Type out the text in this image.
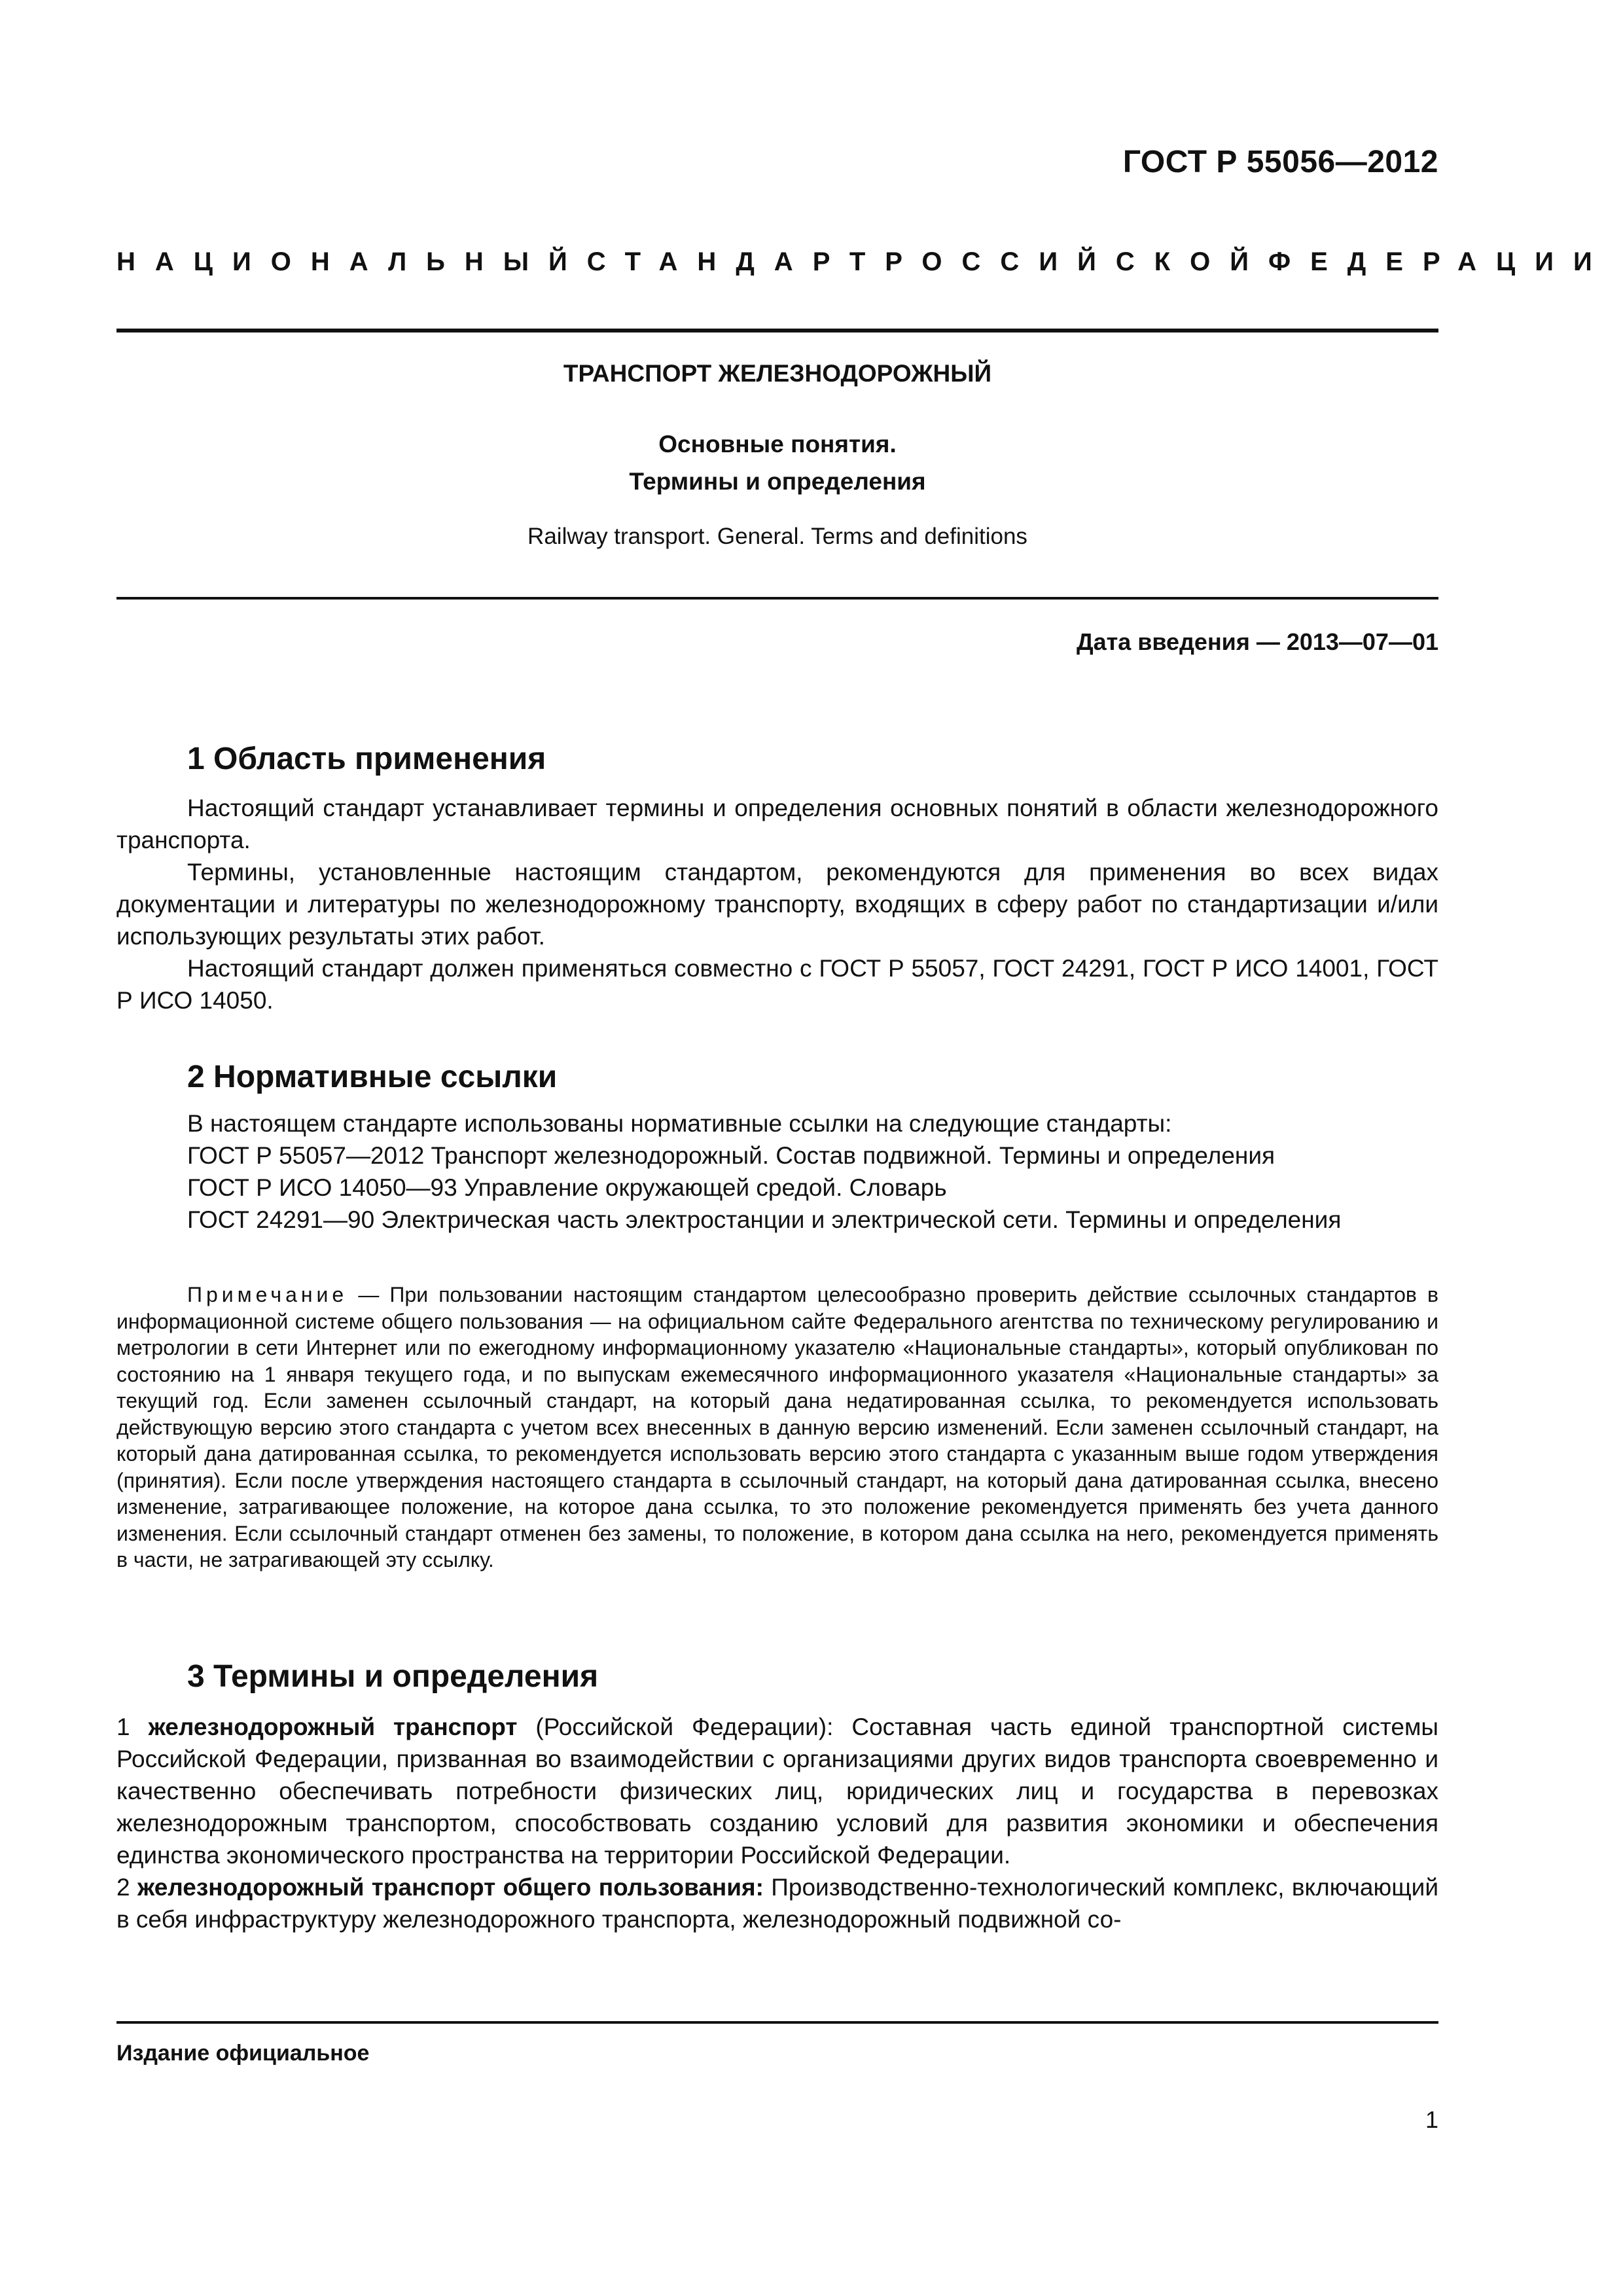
ГОСТ Р 55056—2012
НАЦИОНАЛЬНЫЙ СТАНДАРТ РОССИЙСКОЙ ФЕДЕРАЦИИ
ТРАНСПОРТ ЖЕЛЕЗНОДОРОЖНЫЙ
Основные понятия.
Термины и определения
Railway transport. General. Terms and definitions
Дата введения — 2013—07—01
1 Область применения

Настоящий стандарт устанавливает термины и определения основных понятий в области железнодорожного транспорта.

Термины, установленные настоящим стандартом, рекомендуются для применения во всех видах документации и литературы по железнодорожному транспорту, входящих в сферу работ по стандартизации и/или использующих результаты этих работ.

Настоящий стандарт должен применяться совместно с ГОСТ Р 55057, ГОСТ 24291, ГОСТ Р ИСО 14001, ГОСТ Р ИСО 14050.

2 Нормативные ссылки

В настоящем стандарте использованы нормативные ссылки на следующие стандарты:

ГОСТ Р 55057—2012 Транспорт железнодорожный. Состав подвижной. Термины и определения

ГОСТ Р ИСО 14050—93 Управление окружающей средой. Словарь

ГОСТ 24291—90 Электрическая часть электростанции и электрической сети. Термины и определения

Примечание — При пользовании настоящим стандартом целесообразно проверить действие ссылочных стандартов в информационной системе общего пользования — на официальном сайте Федерального агентства по техническому регулированию и метрологии в сети Интернет или по ежегодному информационному указателю «Национальные стандарты», который опубликован по состоянию на 1 января текущего года, и по выпускам ежемесячного информационного указателя «Национальные стандарты» за текущий год. Если заменен ссылочный стандарт, на который дана недатированная ссылка, то рекомендуется использовать действующую версию этого стандарта с учетом всех внесенных в данную версию изменений. Если заменен ссылочный стандарт, на который дана датированная ссылка, то рекомендуется использовать версию этого стандарта с указанным выше годом утверждения (принятия). Если после утверждения настоящего стандарта в ссылочный стандарт, на который дана датированная ссылка, внесено изменение, затрагивающее положение, на которое дана ссылка, то это положение рекомендуется применять без учета данного изменения. Если ссылочный стандарт отменен без замены, то положение, в котором дана ссылка на него, рекомендуется применять в части, не затрагивающей эту ссылку.

3 Термины и определения

1 железнодорожный транспорт (Российской Федерации): Составная часть единой транспортной системы Российской Федерации, призванная во взаимодействии с организациями других видов транспорта своевременно и качественно обеспечивать потребности физических лиц, юридических лиц и государства в перевозках железнодорожным транспортом, способствовать созданию условий для развития экономики и обеспечения единства экономического пространства на территории Российской Федерации.

2 железнодорожный транспорт общего пользования: Производственно-технологический комплекс, включающий в себя инфраструктуру железнодорожного транспорта, железнодорожный подвижной со-

Издание официальное
1
